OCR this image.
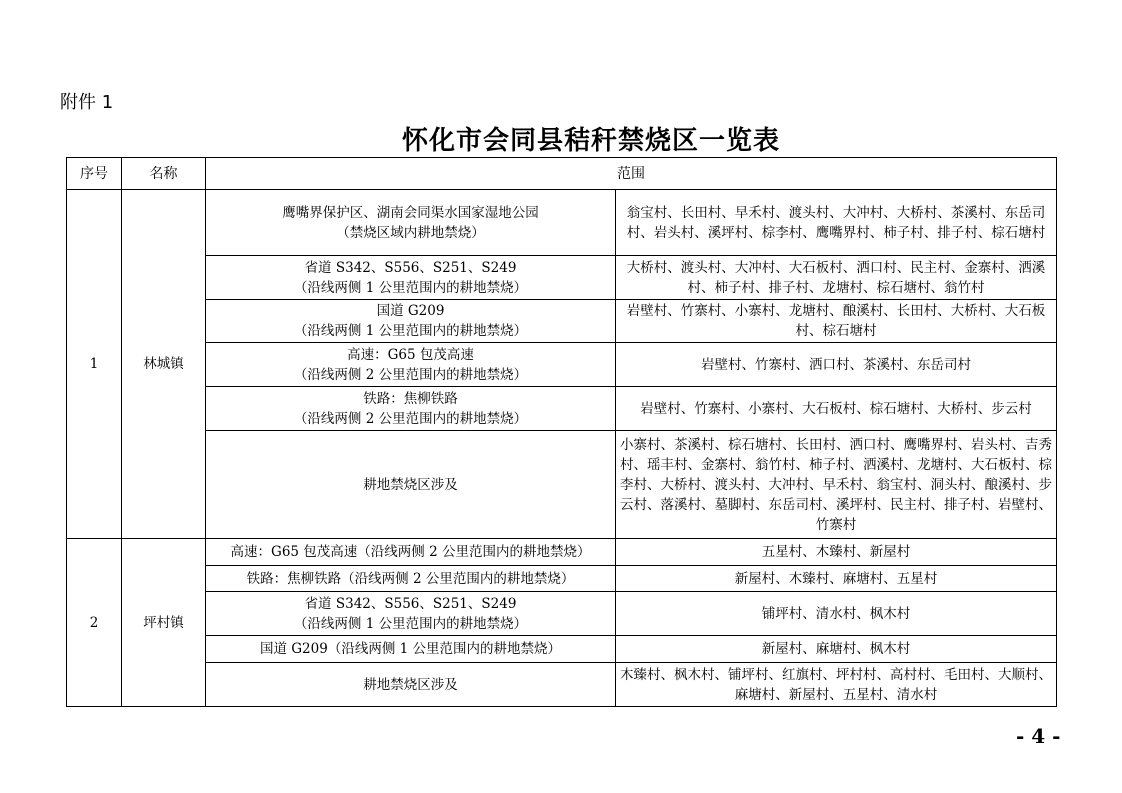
附件 1
怀化市会同县秸秆禁烧区一览表
序号	名称	范围	
1	林城镇	鹰嘴界保护区、湖南会同渠水国家湿地公园
（禁烧区域内耕地禁烧）	翁宝村、长田村、早禾村、渡头村、大冲村、大桥村、茶溪村、东岳司村、岩头村、溪坪村、棕李村、鹰嘴界村、柿子村、排子村、棕石塘村

		省道 S342、S556、S251、S249
（沿线两侧 1 公里范围内的耕地禁烧）	大桥村、渡头村、大冲村、大石板村、洒口村、民主村、金寨村、洒溪村、柿子村、排子村、龙塘村、棕石塘村、翁竹村

		国道 G209
（沿线两侧 1 公里范围内的耕地禁烧）	岩壁村、竹寨村、小寨村、龙塘村、酿溪村、长田村、大桥村、大石板村、棕石塘村

		高速：G65 包茂高速
（沿线两侧 2 公里范围内的耕地禁烧）	岩壁村、竹寨村、洒口村、茶溪村、东岳司村

		铁路：焦柳铁路
（沿线两侧 2 公里范围内的耕地禁烧）	岩壁村、竹寨村、小寨村、大石板村、棕石塘村、大桥村、步云村
		耕地禁烧区涉及	小寨村、茶溪村、棕石塘村、长田村、洒口村、鹰嘴界村、岩头村、吉秀村、瑶丰村、金寨村、翁竹村、柿子村、洒溪村、龙塘村、大石板村、棕李村、大桥村、渡头村、大冲村、早禾村、翁宝村、洞头村、酿溪村、步云村、落溪村、墓脚村、东岳司村、溪坪村、民主村、排子村、岩壁村、竹寨村
2	坪村镇	高速：G65 包茂高速（沿线两侧 2 公里范围内的耕地禁烧）	五星村、木臻村、新屋村
		铁路：焦柳铁路（沿线两侧 2 公里范围内的耕地禁烧）	新屋村、木臻村、麻塘村、五星村

		省道 S342、S556、S251、S249
（沿线两侧 1 公里范围内的耕地禁烧）	铺坪村、清水村、枫木村
		国道 G209（沿线两侧 1 公里范围内的耕地禁烧）	新屋村、麻塘村、枫木村
		耕地禁烧区涉及	木臻村、枫木村、铺坪村、红旗村、坪村村、高村村、毛田村、大顺村、麻塘村、新屋村、五星村、清水村
- 4 -
